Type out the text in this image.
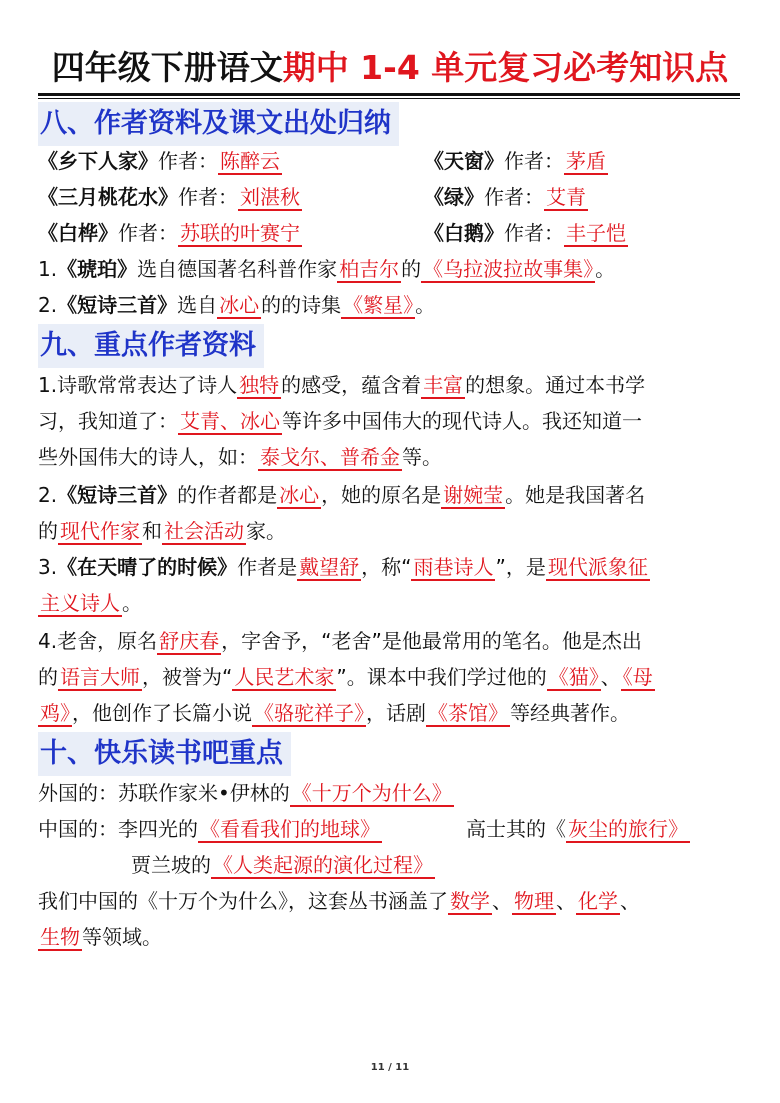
四年级下册语文期中 1-4 单元复习必考知识点
八、作者资料及课文出处归纳
《乡下人家》作者： 陈醉云	《天窗》作者： 茅盾
《三月桃花水》作者： 刘湛秋	《绿》作者： 艾青
《白桦》作者： 苏联的叶赛宁	《白鹅》作者： 丰子恺
1.《琥珀》选自德国著名科普作家 柏吉尔 的 《乌拉波拉故事集》 。
2.《短诗三首》选自 冰心 的的诗集 《繁星》 。
九、重点作者资料
1.诗歌常常表达了诗人 独特 的感受，蕴含着 丰富 的想象。通过本书学
习，我知道了： 艾青、冰心 等许多中国伟大的现代诗人。我还知道一
些外国伟大的诗人，如： 泰戈尔、普希金 等。
2.《短诗三首》的作者都是 冰心 ，她的原名是 谢婉莹 。她是我国著名
的 现代作家 和 社会活动 家。
3.《在天晴了的时候》作者是 戴望舒 ，称“ 雨巷诗人 ”，是 现代派象征
主义诗人 。
4.老舍，原名 舒庆春 ，字舍予，“老舍”是他最常用的笔名。他是杰出
的 语言大师 ，被誉为“ 人民艺术家 ”。课本中我们学过他的 《猫》 、 《母
鸡》 ，他创作了长篇小说 《骆驼祥子》 ，话剧 《茶馆》 等经典著作。
十、快乐读书吧重点
外国的：苏联作家米•伊林的 《十万个为什么》
中国的：李四光的 《看看我们的地球》	高士其的《 灰尘的旅行》
贾兰坡的 《人类起源的演化过程》
我们中国的《十万个为什么》，这套丛书涵盖了 数学 、 物理 、 化学 、
生物 等领域。
11 / 11
